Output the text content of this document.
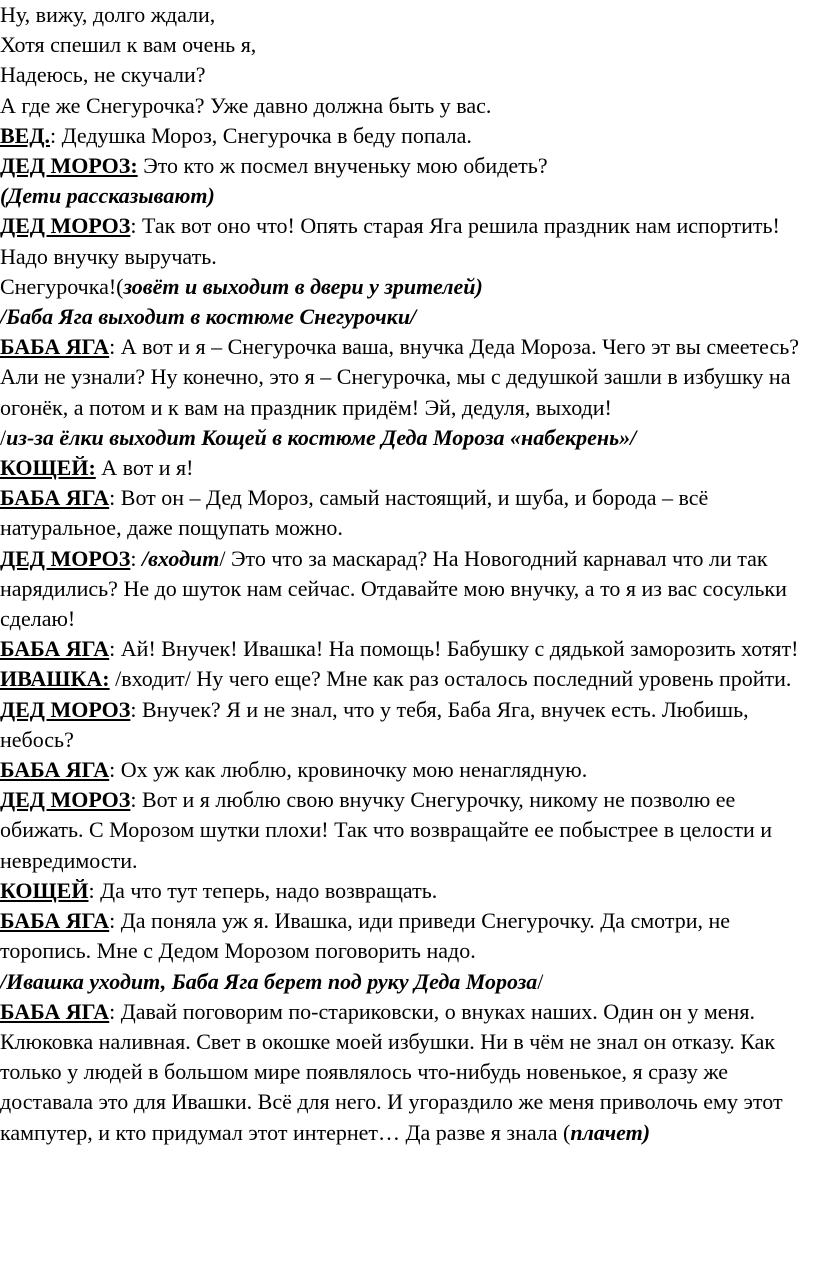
Ну, вижу, долго ждали,

Хотя спешил к вам очень я,

Надеюсь, не скучали?

А где же Снегурочка? Уже давно должна быть у вас.

ВЕД.: Дедушка Мороз, Снегурочка в беду попала.

ДЕД МОРОЗ: Это кто ж посмел внученьку мою обидеть?

(Дети рассказывают)

ДЕД МОРОЗ: Так вот оно что! Опять старая Яга решила праздник нам испортить! Надо внучку выручать.

Снегурочка!(зовёт и выходит в двери у зрителей)

/Баба Яга выходит в костюме Снегурочки/

БАБА ЯГА: А вот и я – Снегурочка ваша, внучка Деда Мороза. Чего эт вы смеетесь? Али не узнали? Ну конечно, это я – Снегурочка, мы с дедушкой зашли в избушку на огонёк, а потом и к вам на праздник придём! Эй, дедуля, выходи!

/из-за ёлки выходит Кощей в костюме Деда Мороза «набекрень»/

КОЩЕЙ: А вот и я!

БАБА ЯГА: Вот он – Дед Мороз, самый настоящий, и шуба, и борода – всё натуральное, даже пощупать можно.

ДЕД МОРОЗ: /входит/ Это что за маскарад? На Новогодний карнавал что ли так нарядились? Не до шуток нам сейчас. Отдавайте мою внучку, а то я из вас сосульки сделаю!

БАБА ЯГА: Ай! Внучек! Ивашка! На помощь! Бабушку с дядькой заморозить хотят!

ИВАШКА: /входит/ Ну чего еще? Мне как раз осталось последний уровень пройти.

ДЕД МОРОЗ: Внучек? Я и не знал, что у тебя, Баба Яга, внучек есть. Любишь, небось?

БАБА ЯГА: Ох уж как люблю, кровиночку мою ненаглядную.

ДЕД МОРОЗ: Вот и я люблю свою внучку Снегурочку, никому не позволю ее обижать. С Морозом шутки плохи! Так что возвращайте ее побыстрее в целости и невредимости.

КОЩЕЙ: Да что тут теперь, надо возвращать.

БАБА ЯГА: Да поняла уж я. Ивашка, иди приведи Снегурочку. Да смотри, не торопись. Мне с Дедом Морозом поговорить надо.

/Ивашка уходит, Баба Яга берет под руку Деда Мороза/

БАБА ЯГА: Давай поговорим по-стариковски, о внуках наших. Один он у меня. Клюковка наливная. Свет в окошке моей избушки. Ни в чём не знал он отказу. Как только у людей в большом мире появлялось что-нибудь новенькое, я сразу же доставала это для Ивашки. Всё для него. И угораздило же меня приволочь ему этот кампутер, и кто придумал этот интернет… Да разве я знала (плачет)
